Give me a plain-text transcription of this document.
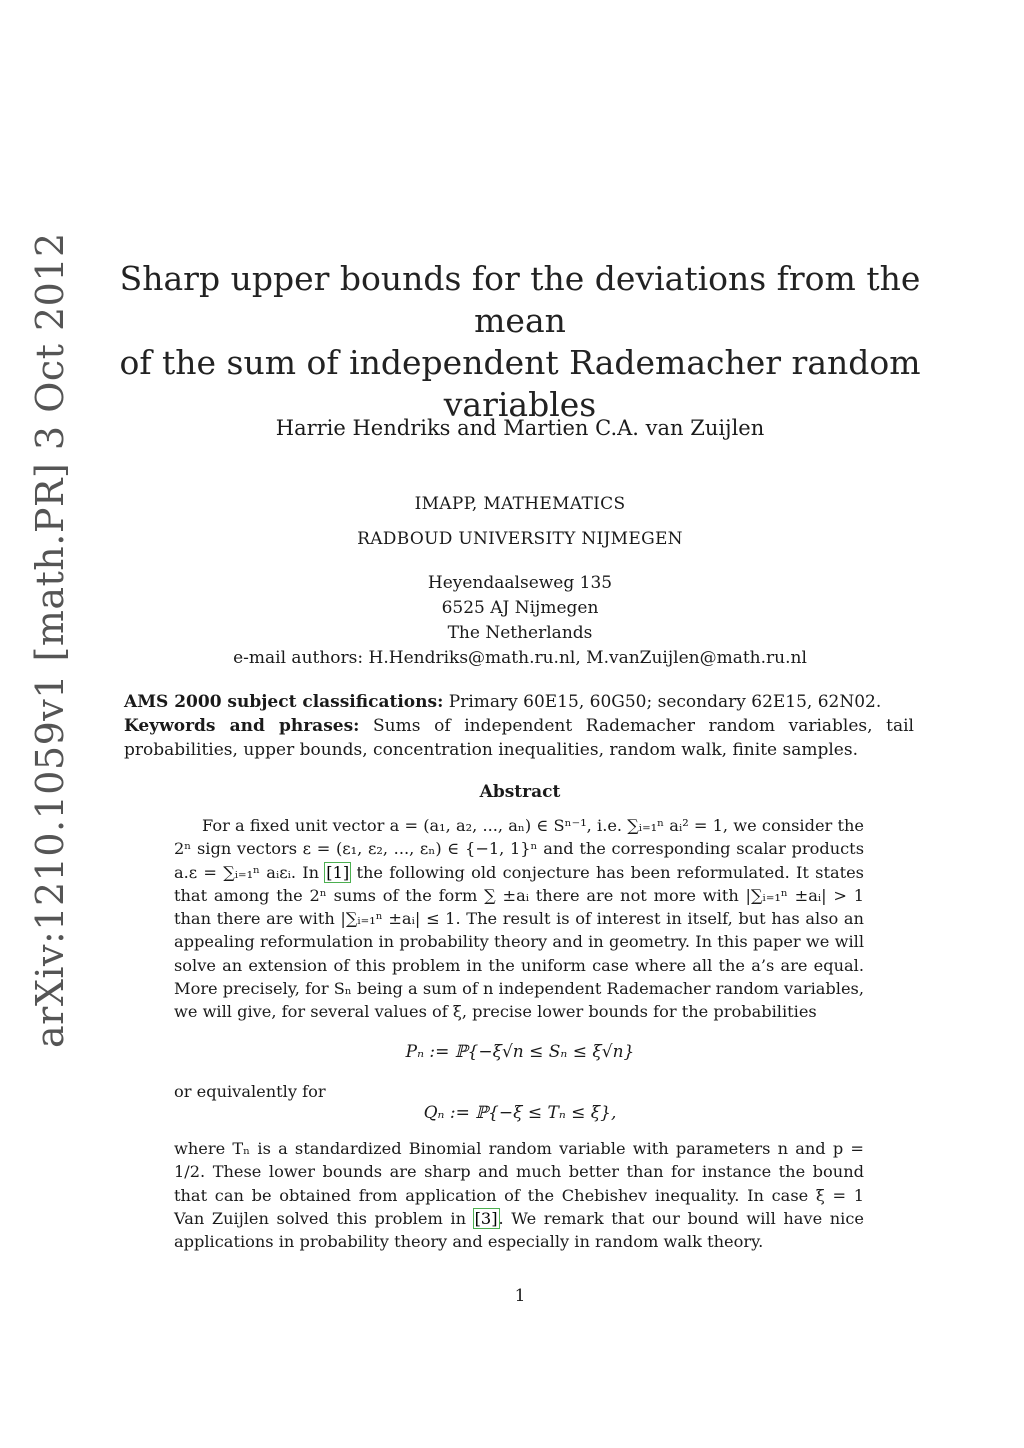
arXiv:1210.1059v1 [math.PR] 3 Oct 2012 Sharp upper bounds for the deviations from the mean
of the sum of independent Rademacher random
variables
Harrie Hendriks and Martien C.A. van Zuijlen
IMAPP, MATHEMATICS
RADBOUD UNIVERSITY NIJMEGEN
Heyendaalseweg 135
6525 AJ Nijmegen
The Netherlands
e-mail authors: H.Hendriks@math.ru.nl, M.vanZuijlen@math.ru.nl
AMS 2000 subject classifications: Primary 60E15, 60G50; secondary 62E15, 62N02.
Keywords and phrases: Sums of independent Rademacher random variables, tail probabilities, upper bounds, concentration inequalities, random walk, finite samples.
Abstract
For a fixed unit vector a = (a₁, a₂, ..., aₙ) ∈ Sⁿ⁻¹, i.e. ∑ᵢ₌₁ⁿ aᵢ² = 1, we consider the 2ⁿ sign vectors ε = (ε₁, ε₂, ..., εₙ) ∈ {−1, 1}ⁿ and the corresponding scalar products a.ε = ∑ᵢ₌₁ⁿ aᵢεᵢ. In [1] the following old conjecture has been reformulated. It states that among the 2ⁿ sums of the form ∑ ±aᵢ there are not more with |∑ᵢ₌₁ⁿ ±aᵢ| > 1 than there are with |∑ᵢ₌₁ⁿ ±aᵢ| ≤ 1. The result is of interest in itself, but has also an appealing reformulation in probability theory and in geometry. In this paper we will solve an extension of this problem in the uniform case where all the a’s are equal. More precisely, for Sₙ being a sum of n independent Rademacher random variables, we will give, for several values of ξ, precise lower bounds for the probabilities
Pₙ := ℙ{−ξ√n ≤ Sₙ ≤ ξ√n}
or equivalently for
Qₙ := ℙ{−ξ ≤ Tₙ ≤ ξ},
where Tₙ is a standardized Binomial random variable with parameters n and p = 1/2. These lower bounds are sharp and much better than for instance the bound that can be obtained from application of the Chebishev inequality. In case ξ = 1 Van Zuijlen solved this problem in [3]. We remark that our bound will have nice applications in probability theory and especially in random walk theory.
1
